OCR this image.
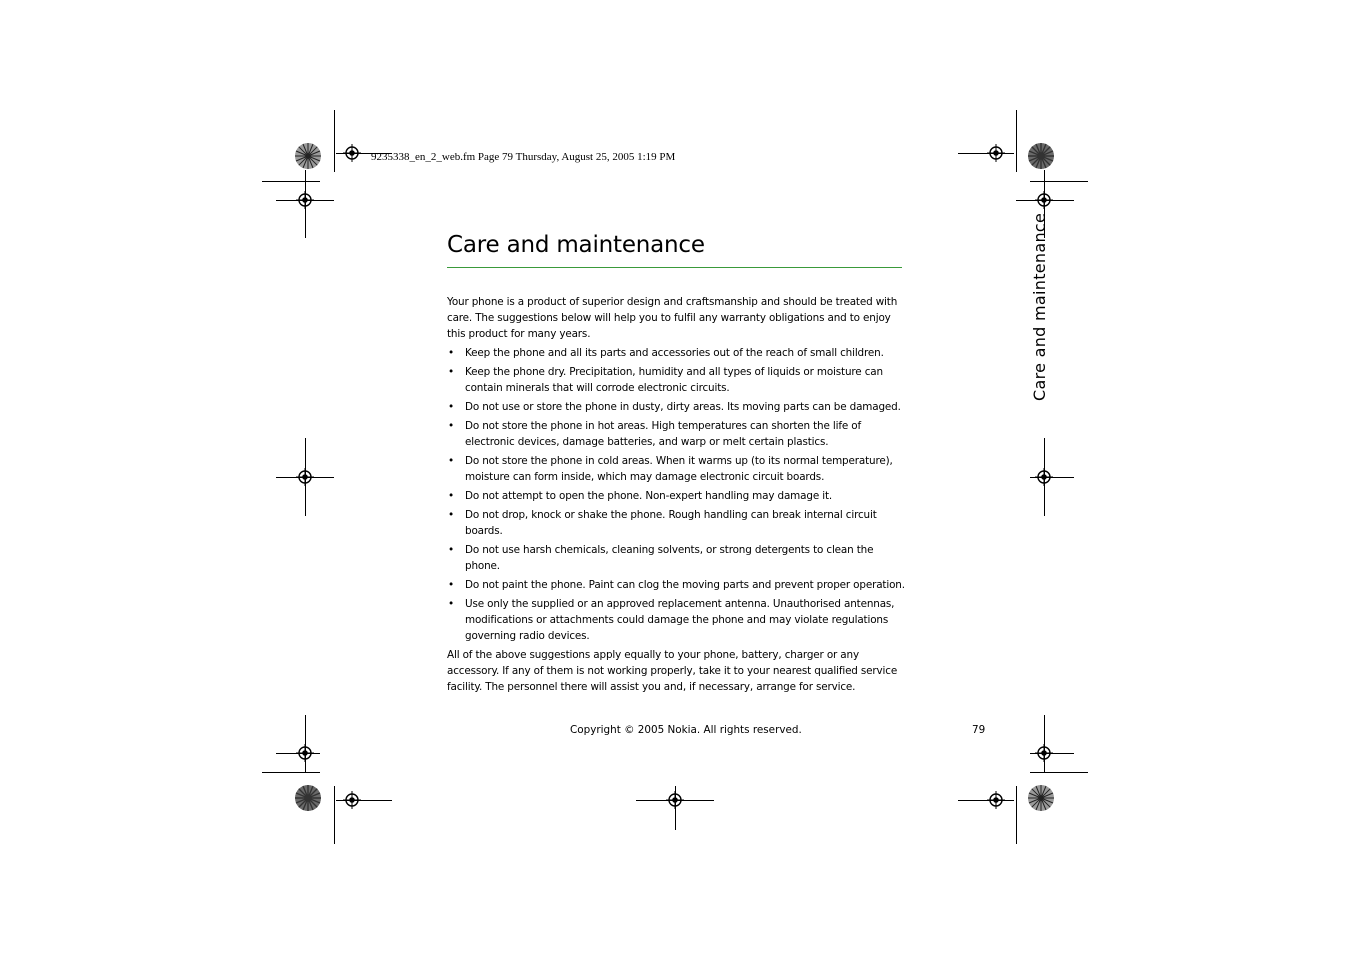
9235338_en_2_web.fm Page 79 Thursday, August 25, 2005 1:19 PM
Care and maintenance	Care and maintenance

Your phone is a product of superior design and craftsmanship and should be treated with care. The suggestions below will help you to fulfil any warranty obligations and to enjoy this product for many years.

• Keep the phone and all its parts and accessories out of the reach of small children.
• Keep the phone dry. Precipitation, humidity and all types of liquids or moisture can contain minerals that will corrode electronic circuits.
• Do not use or store the phone in dusty, dirty areas. Its moving parts can be damaged.
• Do not store the phone in hot areas. High temperatures can shorten the life of electronic devices, damage batteries, and warp or melt certain plastics.
• Do not store the phone in cold areas. When it warms up (to its normal temperature), moisture can form inside, which may damage electronic circuit boards.
• Do not attempt to open the phone. Non-expert handling may damage it.
• Do not drop, knock or shake the phone. Rough handling can break internal circuit boards.
• Do not use harsh chemicals, cleaning solvents, or strong detergents to clean the phone.
• Do not paint the phone. Paint can clog the moving parts and prevent proper operation.
• Use only the supplied or an approved replacement antenna. Unauthorised antennas, modifications or attachments could damage the phone and may violate regulations governing radio devices.

All of the above suggestions apply equally to your phone, battery, charger or any accessory. If any of them is not working properly, take it to your nearest qualified service facility. The personnel there will assist you and, if necessary, arrange for service.

Copyright © 2005 Nokia. All rights reserved.	79
